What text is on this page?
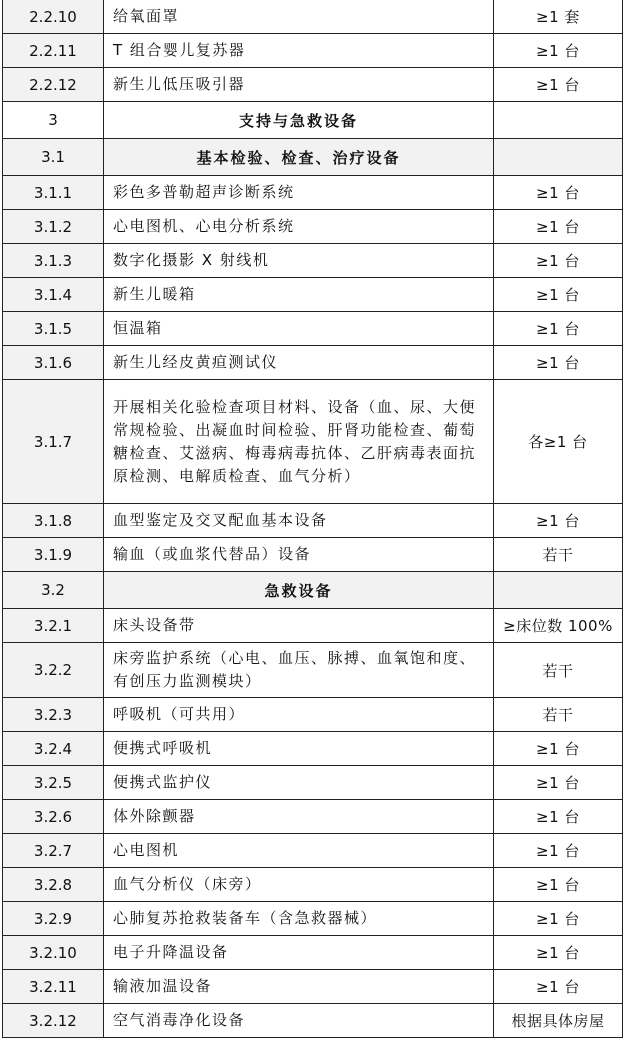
2.2.10	给氧面罩	≥1 套
2.2.11	T 组合婴儿复苏器	≥1 台
2.2.12	新生儿低压吸引器	≥1 台
3	支持与急救设备	
3.1	基本检验、检查、治疗设备	
3.1.1	彩色多普勒超声诊断系统	≥1 台
3.1.2	心电图机、心电分析系统	≥1 台
3.1.3	数字化摄影 X 射线机	≥1 台
3.1.4	新生儿暖箱	≥1 台
3.1.5	恒温箱	≥1 台
3.1.6	新生儿经皮黄疸测试仪	≥1 台
3.1.7	开展相关化验检查项目材料、设备（血、尿、大便常规检验、出凝血时间检验、肝肾功能检查、葡萄糖检查、艾滋病、梅毒病毒抗体、乙肝病毒表面抗原检测、电解质检查、血气分析）	各≥1 台
3.1.8	血型鉴定及交叉配血基本设备	≥1 台
3.1.9	输血（或血浆代替品）设备	若干
3.2	急救设备	
3.2.1	床头设备带	≥床位数 100%
3.2.2	床旁监护系统（心电、血压、脉搏、血氧饱和度、有创压力监测模块）	若干
3.2.3	呼吸机（可共用）	若干
3.2.4	便携式呼吸机	≥1 台
3.2.5	便携式监护仪	≥1 台
3.2.6	体外除颤器	≥1 台
3.2.7	心电图机	≥1 台
3.2.8	血气分析仪（床旁）	≥1 台
3.2.9	心肺复苏抢救装备车（含急救器械）	≥1 台
3.2.10	电子升降温设备	≥1 台
3.2.11	输液加温设备	≥1 台
3.2.12	空气消毒净化设备	根据具体房屋
